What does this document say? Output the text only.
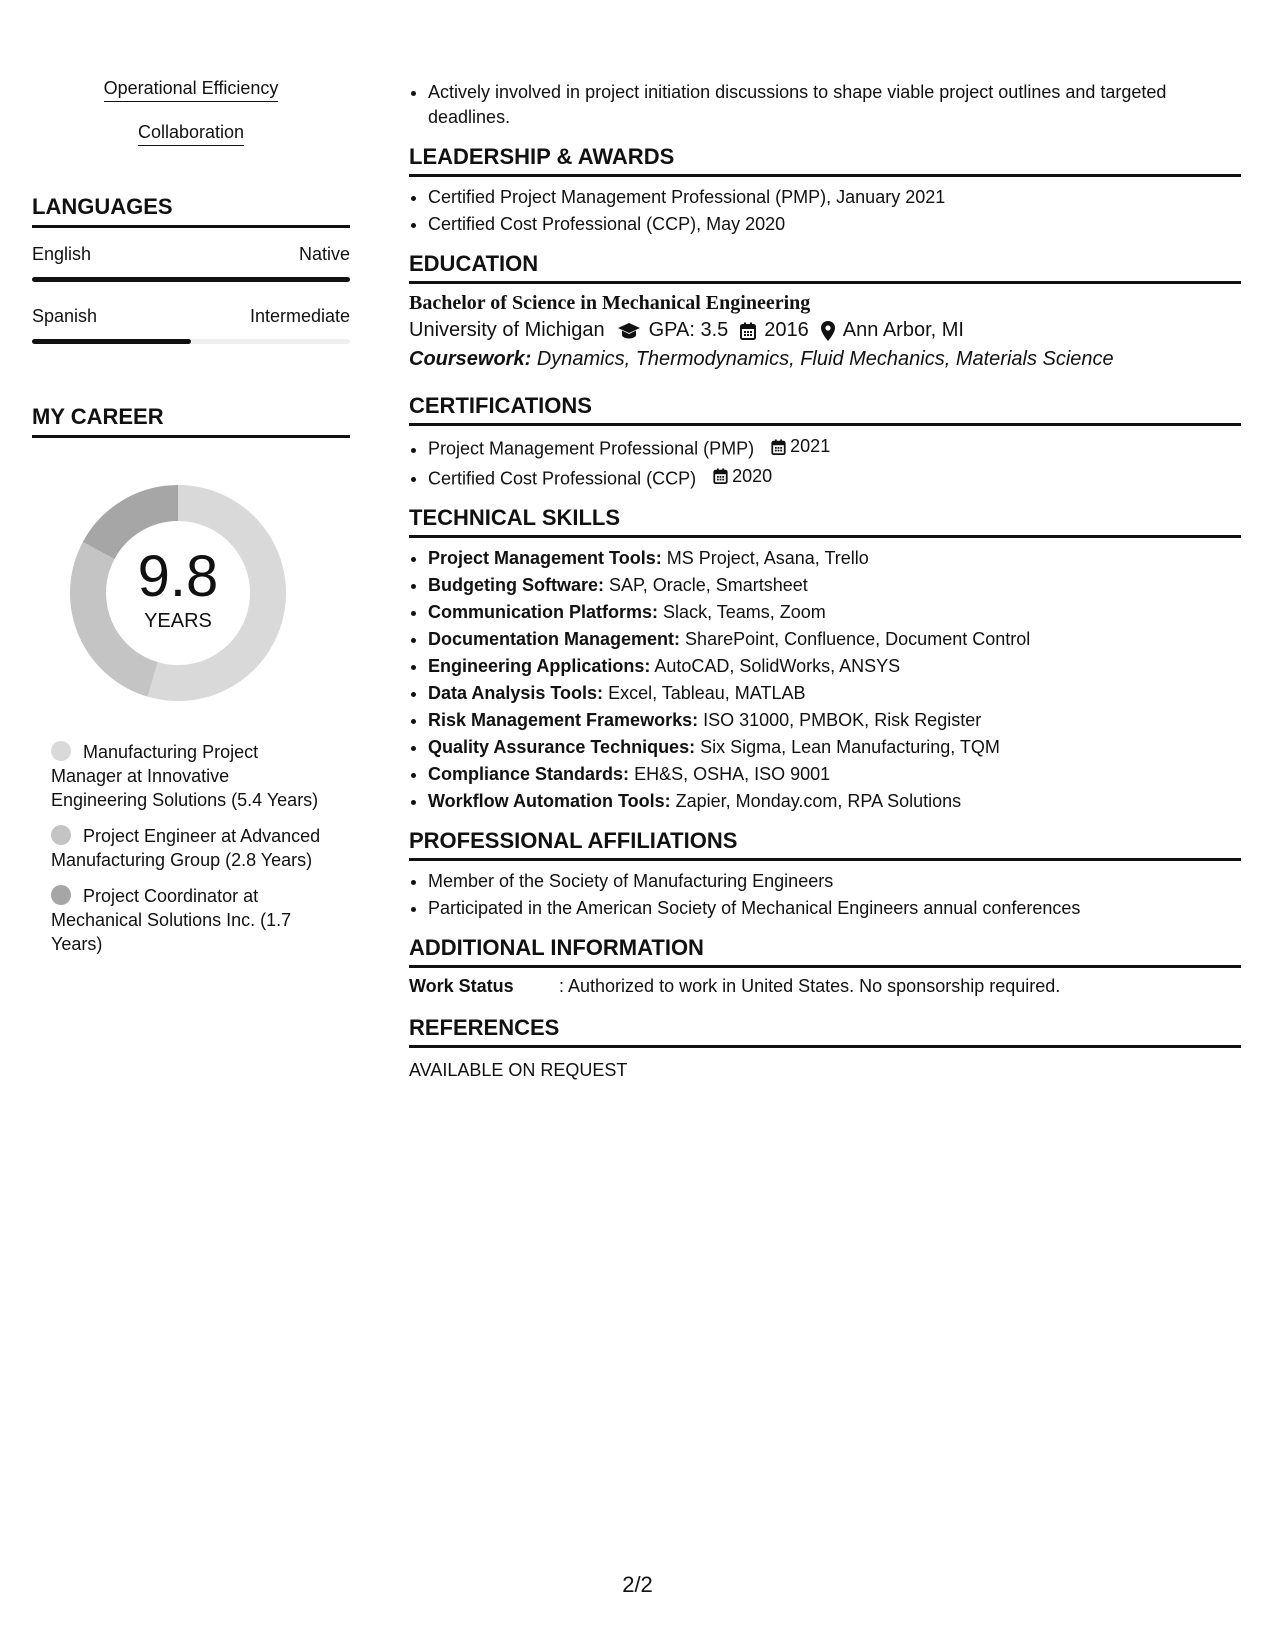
Operational Efficiency
Collaboration
LANGUAGES
English	Native
Spanish	Intermediate
MY CAREER
9.8
YEARS
Manufacturing Project Manager at Innovative Engineering Solutions (5.4 Years)
Project Engineer at Advanced Manufacturing Group (2.8 Years)
Project Coordinator at Mechanical Solutions Inc. (1.7 Years)
• Actively involved in project initiation discussions to shape viable project outlines and targeted deadlines.
LEADERSHIP & AWARDS
• Certified Project Management Professional (PMP), January 2021
• Certified Cost Professional (CCP), May 2020
EDUCATION
Bachelor of Science in Mechanical Engineering
University of Michigan GPA: 3.5 2016 Ann Arbor, MI
Coursework: Dynamics, Thermodynamics, Fluid Mechanics, Materials Science
CERTIFICATIONS
• Project Management Professional (PMP) 2021
• Certified Cost Professional (CCP) 2020
TECHNICAL SKILLS
• Project Management Tools: MS Project, Asana, Trello
• Budgeting Software: SAP, Oracle, Smartsheet
• Communication Platforms: Slack, Teams, Zoom
• Documentation Management: SharePoint, Confluence, Document Control
• Engineering Applications: AutoCAD, SolidWorks, ANSYS
• Data Analysis Tools: Excel, Tableau, MATLAB
• Risk Management Frameworks: ISO 31000, PMBOK, Risk Register
• Quality Assurance Techniques: Six Sigma, Lean Manufacturing, TQM
• Compliance Standards: EH&S, OSHA, ISO 9001
• Workflow Automation Tools: Zapier, Monday.com, RPA Solutions
PROFESSIONAL AFFILIATIONS
• Member of the Society of Manufacturing Engineers
• Participated in the American Society of Mechanical Engineers annual conferences
ADDITIONAL INFORMATION
Work Status	: Authorized to work in United States. No sponsorship required.
REFERENCES
AVAILABLE ON REQUEST
2/2
